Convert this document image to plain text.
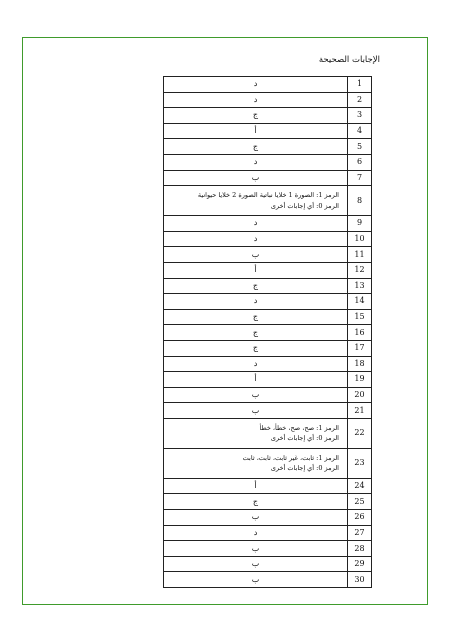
الإجابات الصحيحة
1	د
2	د
3	ج
4	أ
5	ج
6	د
7	ب
8	الرمز 1: الصورة 1 خلايا نباتية الصورة 2 خلايا حيوانية
الرمز 0: أي إجابات أخرى

9	د
10	د
11	ب
12	أ
13	ج
14	د
15	ج
16	ج
17	ج
18	د
19	أ
20	ب
21	ب
22	الرمز 1: صح، صح، خطأ، خطأ
الرمز 0: أي إجابات أخرى

23	الرمز 1: ثابت، غير ثابت، ثابت، ثابت
الرمز 0: أي إجابات أخرى

24	أ
25	ج
26	ب
27	د
28	ب
29	ب
30	ب
